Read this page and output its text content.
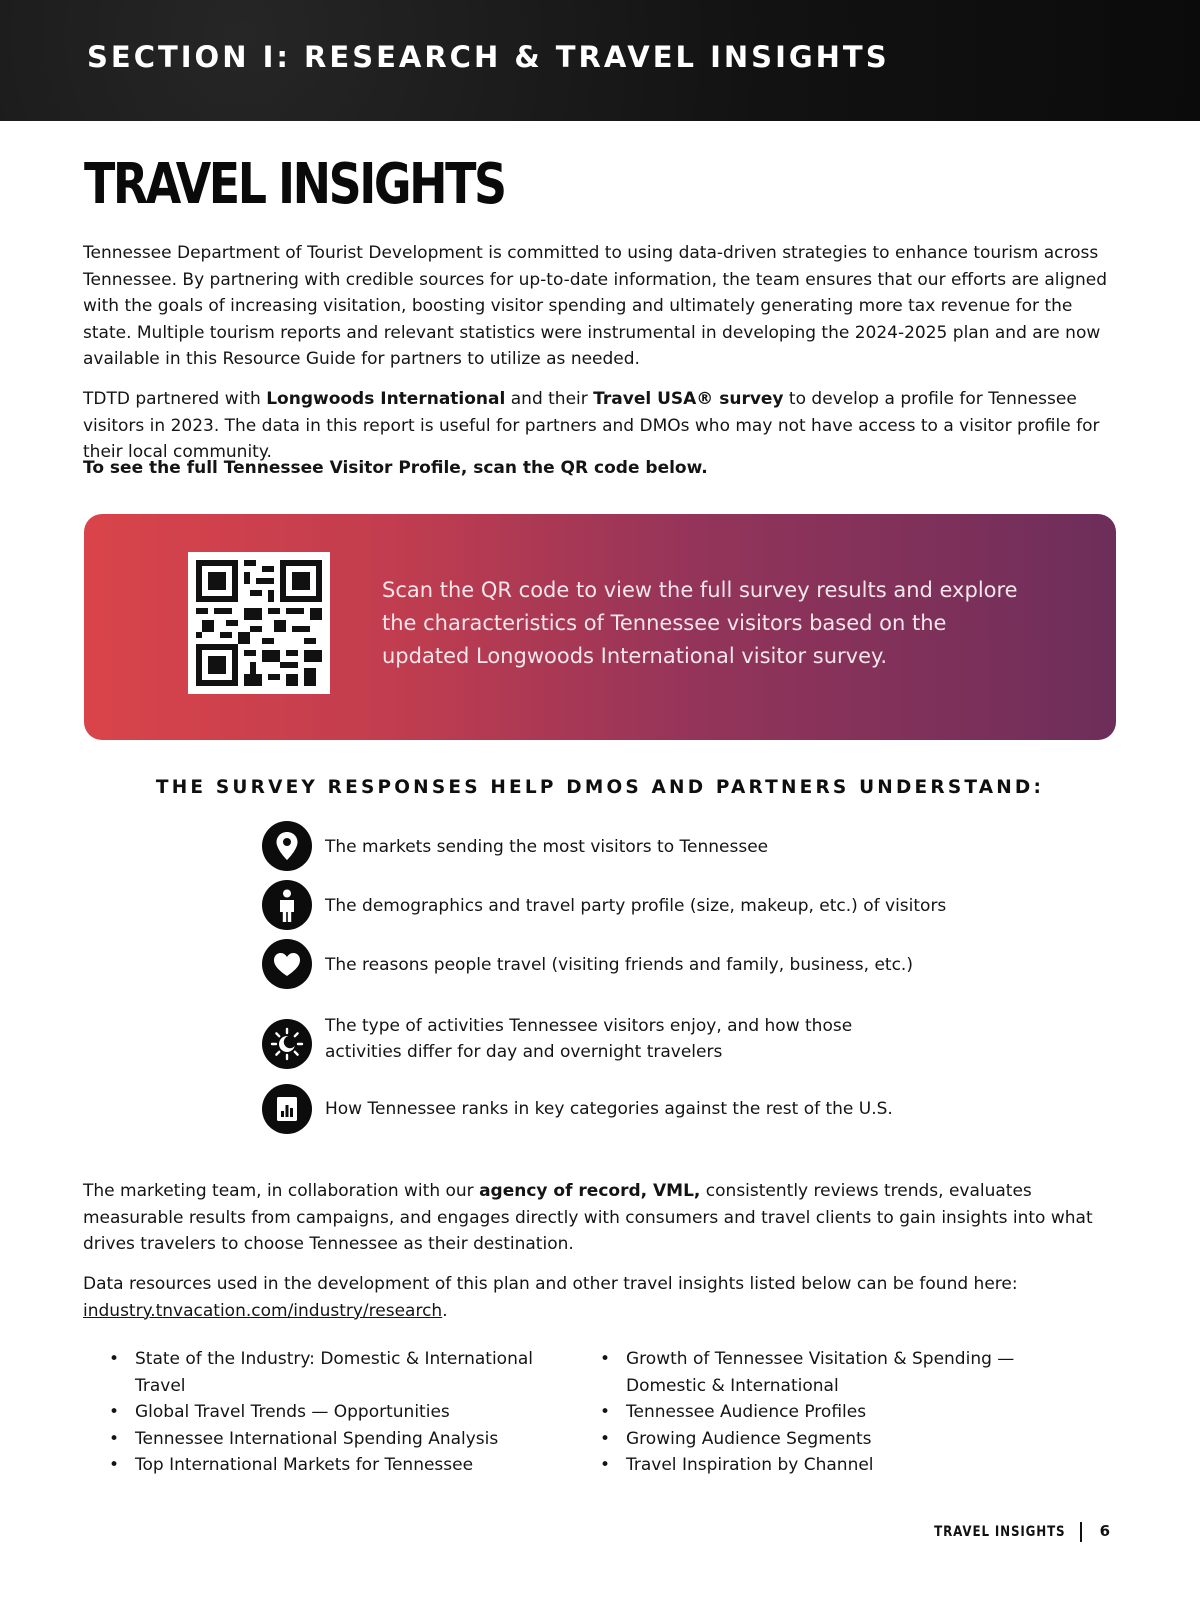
SECTION I: RESEARCH & TRAVEL INSIGHTS
TRAVEL INSIGHTS
Tennessee Department of Tourist Development is committed to using data-driven strategies to enhance tourism across Tennessee. By partnering with credible sources for up-to-date information, the team ensures that our efforts are aligned with the goals of increasing visitation, boosting visitor spending and ultimately generating more tax revenue for the state. Multiple tourism reports and relevant statistics were instrumental in developing the 2024-2025 plan and are now available in this Resource Guide for partners to utilize as needed.
TDTD partnered with Longwoods International and their Travel USA® survey to develop a profile for Tennessee visitors in 2023. The data in this report is useful for partners and DMOs who may not have access to a visitor profile for their local community.
To see the full Tennessee Visitor Profile, scan the QR code below.
Scan the QR code to view the full survey results and explore the characteristics of Tennessee visitors based on the updated Longwoods International visitor survey.
THE SURVEY RESPONSES HELP DMOS AND PARTNERS UNDERSTAND:
The markets sending the most visitors to Tennessee
The demographics and travel party profile (size, makeup, etc.) of visitors
The reasons people travel (visiting friends and family, business, etc.)
The type of activities Tennessee visitors enjoy, and how those
activities differ for day and overnight travelers
How Tennessee ranks in key categories against the rest of the U.S.
The marketing team, in collaboration with our agency of record, VML, consistently reviews trends, evaluates measurable results from campaigns, and engages directly with consumers and travel clients to gain insights into what drives travelers to choose Tennessee as their destination.
Data resources used in the development of this plan and other travel insights listed below can be found here:
industry.tnvacation.com/industry/research.
• State of the Industry: Domestic & International Travel
• Global Travel Trends — Opportunities
• Tennessee International Spending Analysis
• Top International Markets for Tennessee
• Growth of Tennessee Visitation & Spending — Domestic & International
• Tennessee Audience Profiles
• Growing Audience Segments
• Travel Inspiration by Channel
TRAVEL INSIGHTS 6
